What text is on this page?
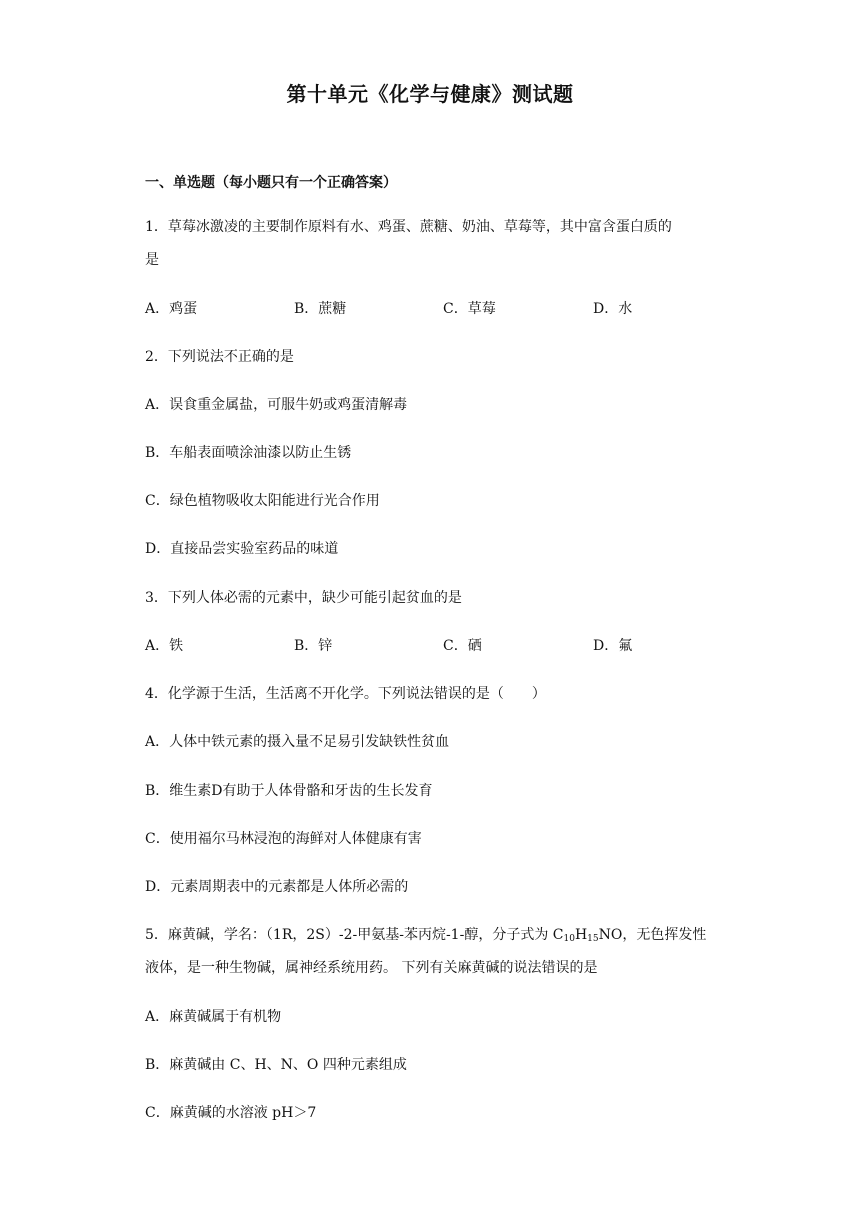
第十单元《化学与健康》测试题
一、单选题（每小题只有一个正确答案）
1．草莓冰激凌的主要制作原料有水、鸡蛋、蔗糖、奶油、草莓等，其中富含蛋白质的
是
A．鸡蛋	B．蔗糖	C．草莓	D．水
2．下列说法不正确的是
A．误食重金属盐，可服牛奶或鸡蛋清解毒
B．车船表面喷涂油漆以防止生锈
C．绿色植物吸收太阳能进行光合作用
D．直接品尝实验室药品的味道
3．下列人体必需的元素中，缺少可能引起贫血的是
A．铁	B．锌	C．硒	D．氟
4．化学源于生活，生活离不开化学。下列说法错误的是（　　）
A．人体中铁元素的摄入量不足易引发缺铁性贫血
B．维生素D有助于人体骨骼和牙齿的生长发育
C．使用福尔马林浸泡的海鲜对人体健康有害
D．元素周期表中的元素都是人体所必需的
5．麻黄碱，学名：（1R，2S）-2-甲氨基-苯丙烷-1-醇，分子式为 $C_{10}H_{15}NO$，无色挥发性
液体，是一种生物碱，属神经系统用药。 下列有关麻黄碱的说法错误的是
A．麻黄碱属于有机物
B．麻黄碱由 C、H、N、O 四种元素组成
C．麻黄碱的水溶液 pH＞7
